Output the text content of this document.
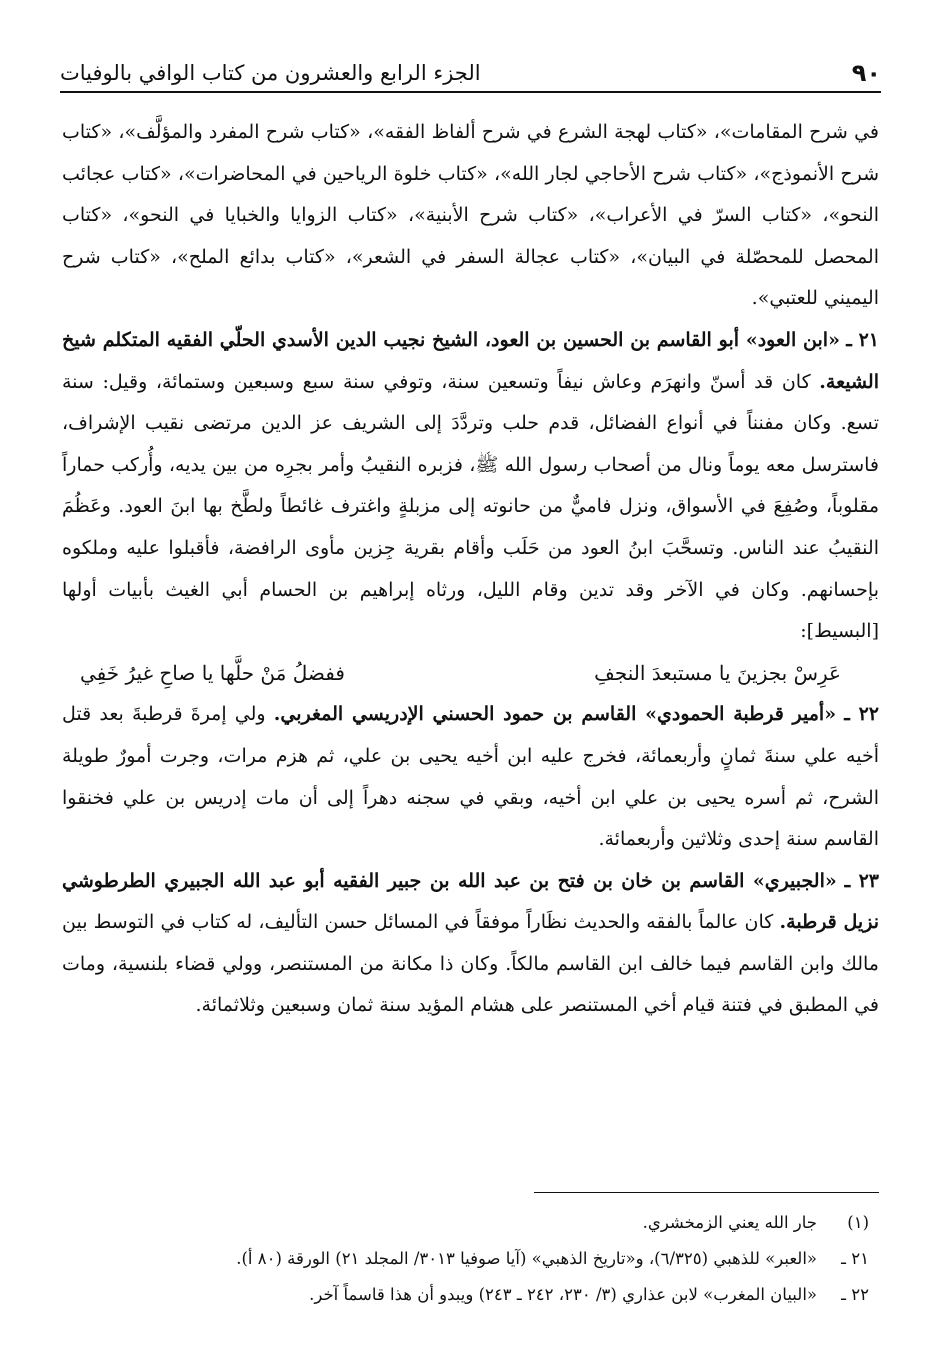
٩٠
الجزء الرابع والعشرون من كتاب الوافي بالوفيات

في شرح المقامات»، «كتاب لهجة الشرع في شرح ألفاظ الفقه»، «كتاب شرح المفرد والمؤلَّف»، «كتاب شرح الأنموذج»، «كتاب شرح الأحاجي لجار الله»، «كتاب خلوة الرياحين في المحاضرات»، «كتاب عجائب النحو»، «كتاب السرّ في الأعراب»، «كتاب شرح الأبنية»، «كتاب الزوايا والخبايا في النحو»، «كتاب المحصل للمحصّلة في البيان»، «كتاب عجالة السفر في الشعر»، «كتاب بدائع الملح»، «كتاب شرح اليميني للعتبي».

٢١ ـ «ابن العود» أبو القاسم بن الحسين بن العود، الشيخ نجيب الدين الأسدي الحلّي الفقيه المتكلم شيخ الشيعة. كان قد أسنّ وانهرَم وعاش نيفاً وتسعين سنة، وتوفي سنة سبع وسبعين وستمائة، وقيل: سنة تسع. وكان مفنناً في أنواع الفضائل، قدم حلب وتردَّدَ إلى الشريف عز الدين مرتضى نقيب الإشراف، فاسترسل معه يوماً ونال من أصحاب رسول الله ﷺ، فزبره النقيبُ وأمر بجرِه من بين يديه، وأُركب حماراً مقلوباً، وصُفِعَ في الأسواق، ونزل فاميٌّ من حانوته إلى مزبلةٍ واغترف غائطاً ولطَّخ بها ابنَ العود. وعَظُمَ النقيبُ عند الناس. وتسحَّبَ ابنُ العود من حَلَب وأقام بقرية جِزين مأوى الرافضة، فأقبلوا عليه وملكوه بإحسانهم. وكان في الآخر وقد تدين وقام الليل، ورثاه إبراهيم بن الحسام أبي الغيث بأبيات أولها [البسيط]:

عَرِسْ بجزينَ يا مستبعدَ النجفِ
ففضلُ مَنْ حلَّها يا صاحِ غيرُ خَفِي

٢٢ ـ «أمير قرطبة الحمودي» القاسم بن حمود الحسني الإدريسي المغربي. ولي إمرةَ قرطبةَ بعد قتل أخيه علي سنةَ ثمانٍ وأربعمائة، فخرج عليه ابن أخيه يحيى بن علي، ثم هزم مرات، وجرت أمورٌ طويلة الشرح، ثم أسره يحيى بن علي ابن أخيه، وبقي في سجنه دهراً إلى أن مات إدريس بن علي فخنقوا القاسم سنة إحدى وثلاثين وأربعمائة.

٢٣ ـ «الجبيري» القاسم بن خان بن فتح بن عبد الله بن جبير الفقيه أبو عبد الله الجبيري الطرطوشي نزيل قرطبة. كان عالماً بالفقه والحديث نظَاراً موفقاً في المسائل حسن التأليف، له كتاب في التوسط بين مالك وابن القاسم فيما خالف ابن القاسم مالكاً. وكان ذا مكانة من المستنصر، وولي قضاء بلنسية، ومات في المطبق في فتنة قيام أخي المستنصر على هشام المؤيد سنة ثمان وسبعين وثلاثمائة.

(١)
جار الله يعني الزمخشري.
٢١ ـ
«العبر» للذهبي (٦/٣٢٥)، و«تاريخ الذهبي» (آيا صوفيا ٣٠١٣/ المجلد ٢١) الورقة (٨٠ أ).
٢٢ ـ
«البيان المغرب» لابن عذاري (٣/ ٢٣٠، ٢٤٢ ـ ٢٤٣) ويبدو أن هذا قاسماً آخر.
